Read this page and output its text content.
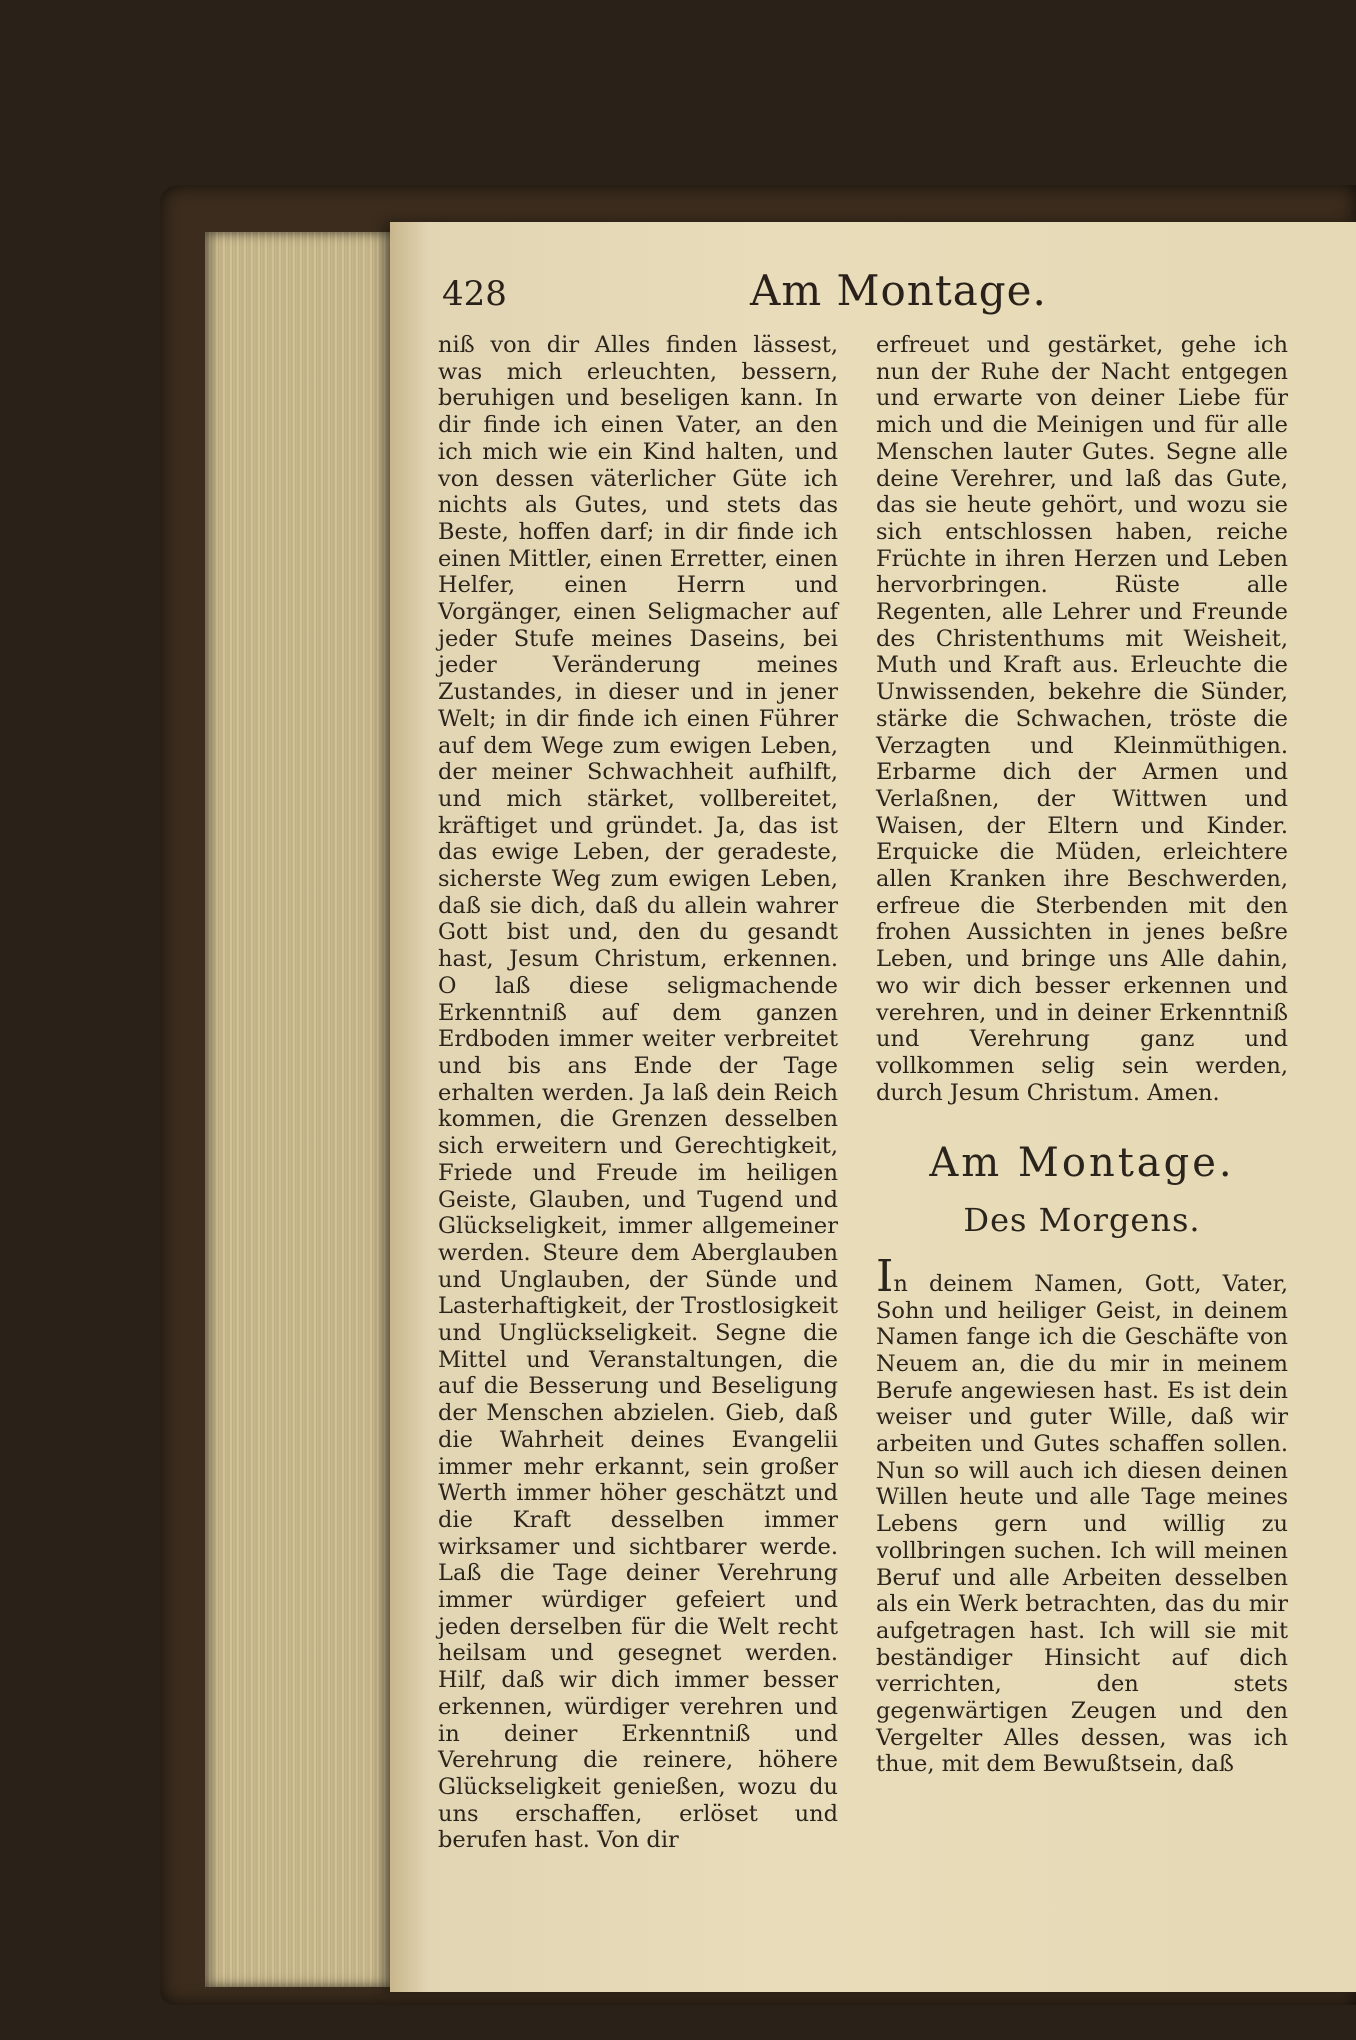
428	Am Montage.

niß von dir Alles finden lässest, was mich erleuchten, bessern, beruhigen und beseligen kann. In dir finde ich einen Vater, an den ich mich wie ein Kind halten, und von dessen väterlicher Güte ich nichts als Gutes, und stets das Beste, hoffen darf; in dir finde ich einen Mittler, einen Erretter, einen Helfer, einen Herrn und Vorgänger, einen Seligmacher auf jeder Stufe meines Daseins, bei jeder Veränderung meines Zustandes, in dieser und in jener Welt; in dir finde ich einen Führer auf dem Wege zum ewigen Leben, der meiner Schwachheit aufhilft, und mich stärket, vollbereitet, kräftiget und gründet. Ja, das ist das ewige Leben, der geradeste, sicherste Weg zum ewigen Leben, daß sie dich, daß du allein wahrer Gott bist und, den du gesandt hast, Jesum Christum, erkennen. O laß diese seligmachende Erkenntniß auf dem ganzen Erdboden immer weiter verbreitet und bis ans Ende der Tage erhalten werden. Ja laß dein Reich kommen, die Grenzen desselben sich erweitern und Gerechtigkeit, Friede und Freude im heiligen Geiste, Glauben, und Tugend und Glückseligkeit, immer allgemeiner werden. Steure dem Aberglauben und Unglauben, der Sünde und Lasterhaftigkeit, der Trostlosigkeit und Unglückseligkeit. Segne die Mittel und Veranstaltungen, die auf die Besserung und Beseligung der Menschen abzielen. Gieb, daß die Wahrheit deines Evangelii immer mehr erkannt, sein großer Werth immer höher geschätzt und die Kraft desselben immer wirksamer und sichtbarer werde. Laß die Tage deiner Verehrung immer würdiger gefeiert und jeden derselben für die Welt recht heilsam und gesegnet werden. Hilf, daß wir dich immer besser erkennen, würdiger verehren und in deiner Erkenntniß und Verehrung die reinere, höhere Glückseligkeit genießen, wozu du uns erschaffen, erlöset und berufen hast. Von dir

erfreuet und gestärket, gehe ich nun der Ruhe der Nacht entgegen und erwarte von deiner Liebe für mich und die Meinigen und für alle Menschen lauter Gutes. Segne alle deine Verehrer, und laß das Gute, das sie heute gehört, und wozu sie sich entschlossen haben, reiche Früchte in ihren Herzen und Leben hervorbringen. Rüste alle Regenten, alle Lehrer und Freunde des Christenthums mit Weisheit, Muth und Kraft aus. Erleuchte die Unwissenden, bekehre die Sünder, stärke die Schwachen, tröste die Verzagten und Kleinmüthigen. Erbarme dich der Armen und Verlaßnen, der Wittwen und Waisen, der Eltern und Kinder. Erquicke die Müden, erleichtere allen Kranken ihre Beschwerden, erfreue die Sterbenden mit den frohen Aussichten in jenes beßre Leben, und bringe uns Alle dahin, wo wir dich besser erkennen und verehren, und in deiner Erkenntniß und Verehrung ganz und vollkommen selig sein werden, durch Jesum Christum. Amen.

Am Montage.
Des Morgens.

In deinem Namen, Gott, Vater, Sohn und heiliger Geist, in deinem Namen fange ich die Geschäfte von Neuem an, die du mir in meinem Berufe angewiesen hast. Es ist dein weiser und guter Wille, daß wir arbeiten und Gutes schaffen sollen. Nun so will auch ich diesen deinen Willen heute und alle Tage meines Lebens gern und willig zu vollbringen suchen. Ich will meinen Beruf und alle Arbeiten desselben als ein Werk betrachten, das du mir aufgetragen hast. Ich will sie mit beständiger Hinsicht auf dich verrichten, den stets gegenwärtigen Zeugen und den Vergelter Alles dessen, was ich thue, mit dem Bewußtsein, daß
